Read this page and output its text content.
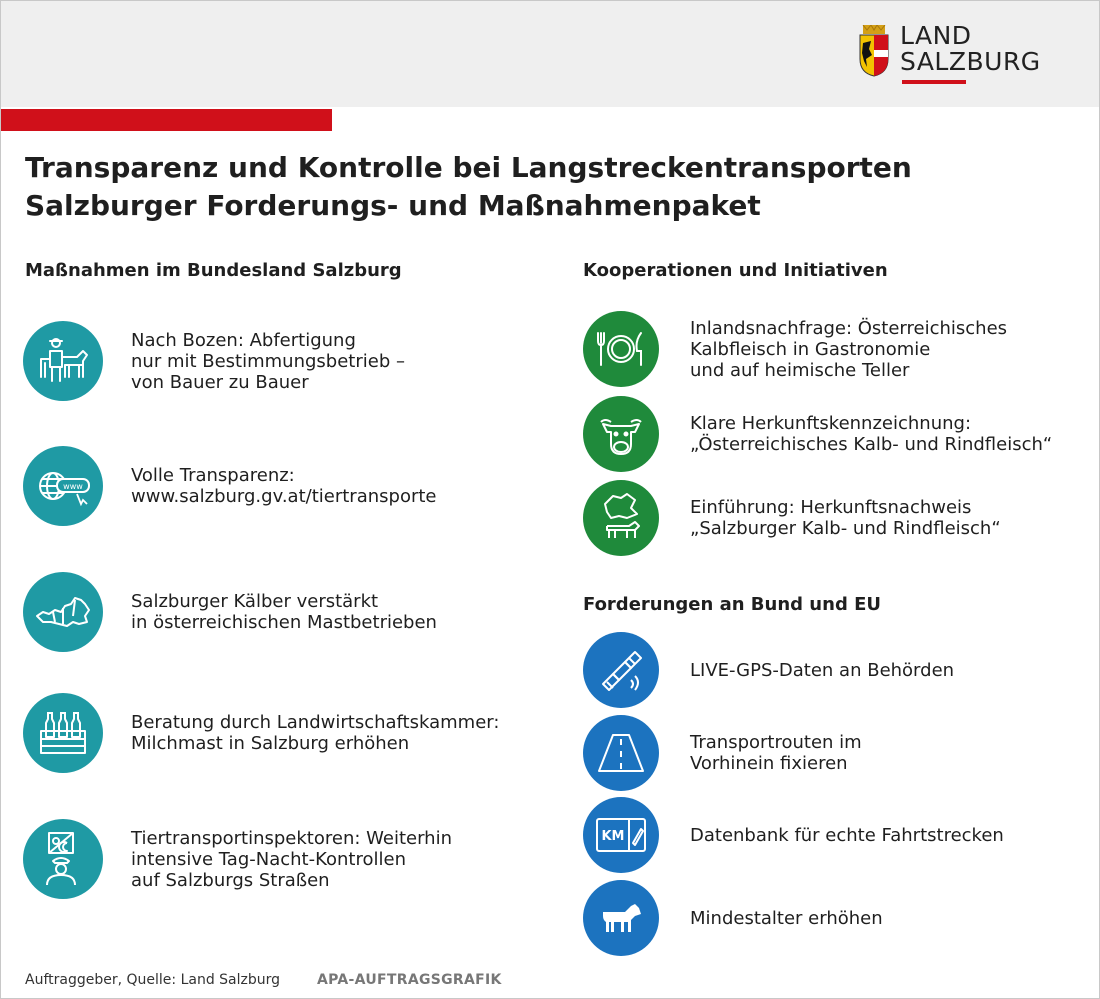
LAND
SALZBURG
Transparenz und Kontrolle bei Langstreckentransporten
Salzburger Forderungs- und Maßnahmenpaket
Maßnahmen im Bundesland Salzburg
Nach Bozen: Abfertigung
nur mit Bestimmungsbetrieb –
von Bauer zu Bauer
www
Volle Transparenz:
www.salzburg.gv.at/tiertransporte
Salzburger Kälber verstärkt
in österreichischen Mastbetrieben
Beratung durch Landwirtschaftskammer:
Milchmast in Salzburg erhöhen
Tiertransportinspektoren: Weiterhin
intensive Tag-Nacht-Kontrollen
auf Salzburgs Straßen
Kooperationen und Initiativen
Inlandsnachfrage: Österreichisches
Kalbfleisch in Gastronomie
und auf heimische Teller
Klare Herkunftskennzeichnung:
„Österreichisches Kalb- und Rindfleisch“
Einführung: Herkunftsnachweis
„Salzburger Kalb- und Rindfleisch“
Forderungen an Bund und EU
LIVE-GPS-Daten an Behörden
Transportrouten im
Vorhinein fixieren
KM	Datenbank für echte Fahrtstrecken
Mindestalter erhöhen
Auftraggeber, Quelle: Land Salzburg	APA-AUFTRAGSGRAFIK
